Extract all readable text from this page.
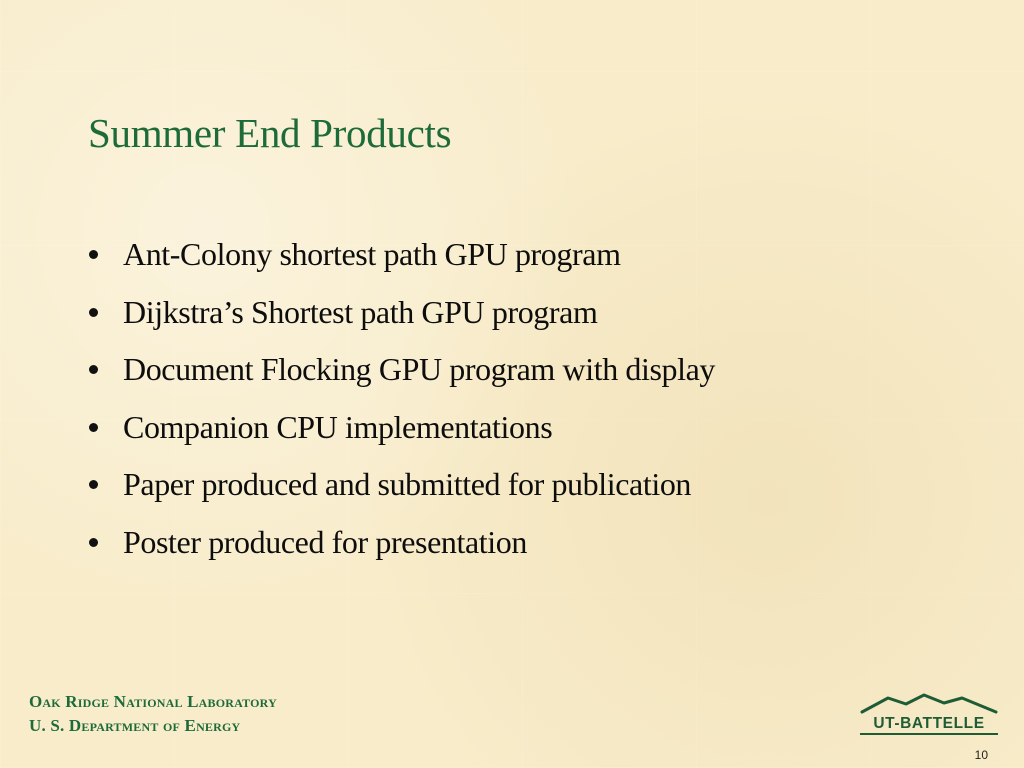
Summer End Products
Ant-Colony shortest path GPU program
Dijkstra’s Shortest path GPU program
Document Flocking GPU program with display
Companion CPU implementations
Paper produced and submitted for publication
Poster produced for presentation
Oak Ridge National Laboratory
U. S. Department of Energy	UT-BATTELLE
10
